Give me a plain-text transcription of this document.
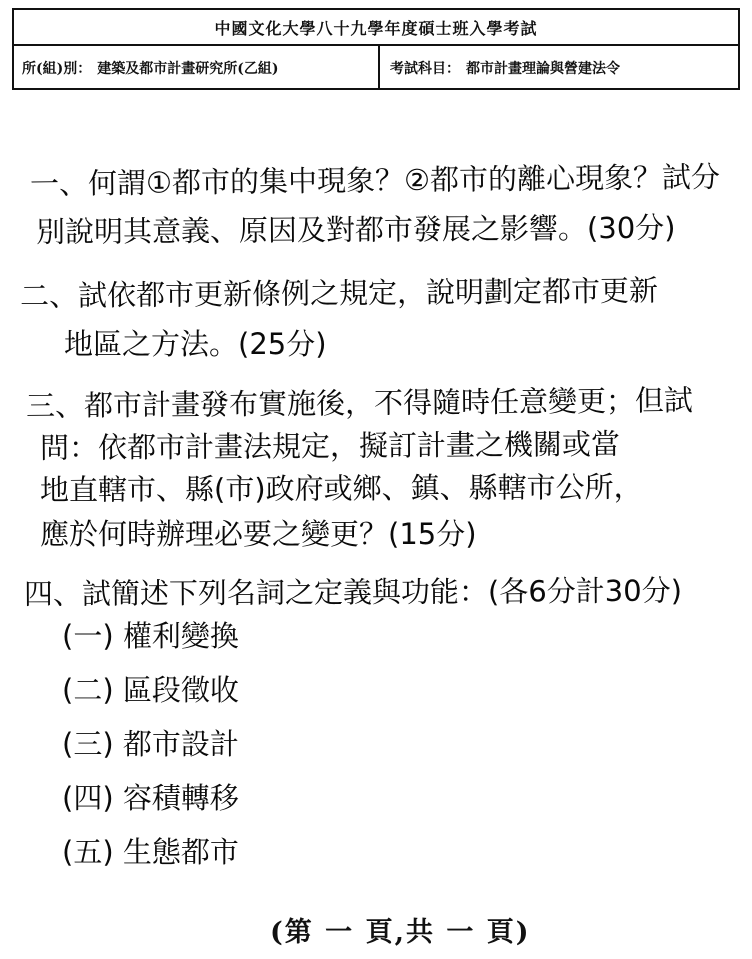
中國文化大學八十九學年度碩士班入學考試
所(組)別： 建築及都市計畫研究所(乙組)	考試科目： 都市計畫理論與營建法令
一、何謂①都市的集中現象？②都市的離心現象？試分
別說明其意義、原因及對都市發展之影響。(30分)
二、試依都市更新條例之規定，說明劃定都市更新
地區之方法。(25分)
三、都市計畫發布實施後，不得隨時任意變更；但試
問：依都市計畫法規定，擬訂計畫之機關或當
地直轄市、縣(市)政府或鄉、鎮、縣轄市公所，
應於何時辦理必要之變更？(15分)
四、試簡述下列名詞之定義與功能：(各6分計30分)
(一) 權利變換
(二) 區段徵收
(三) 都市設計
(四) 容積轉移
(五) 生態都市
(第 一 頁,共 一 頁)
